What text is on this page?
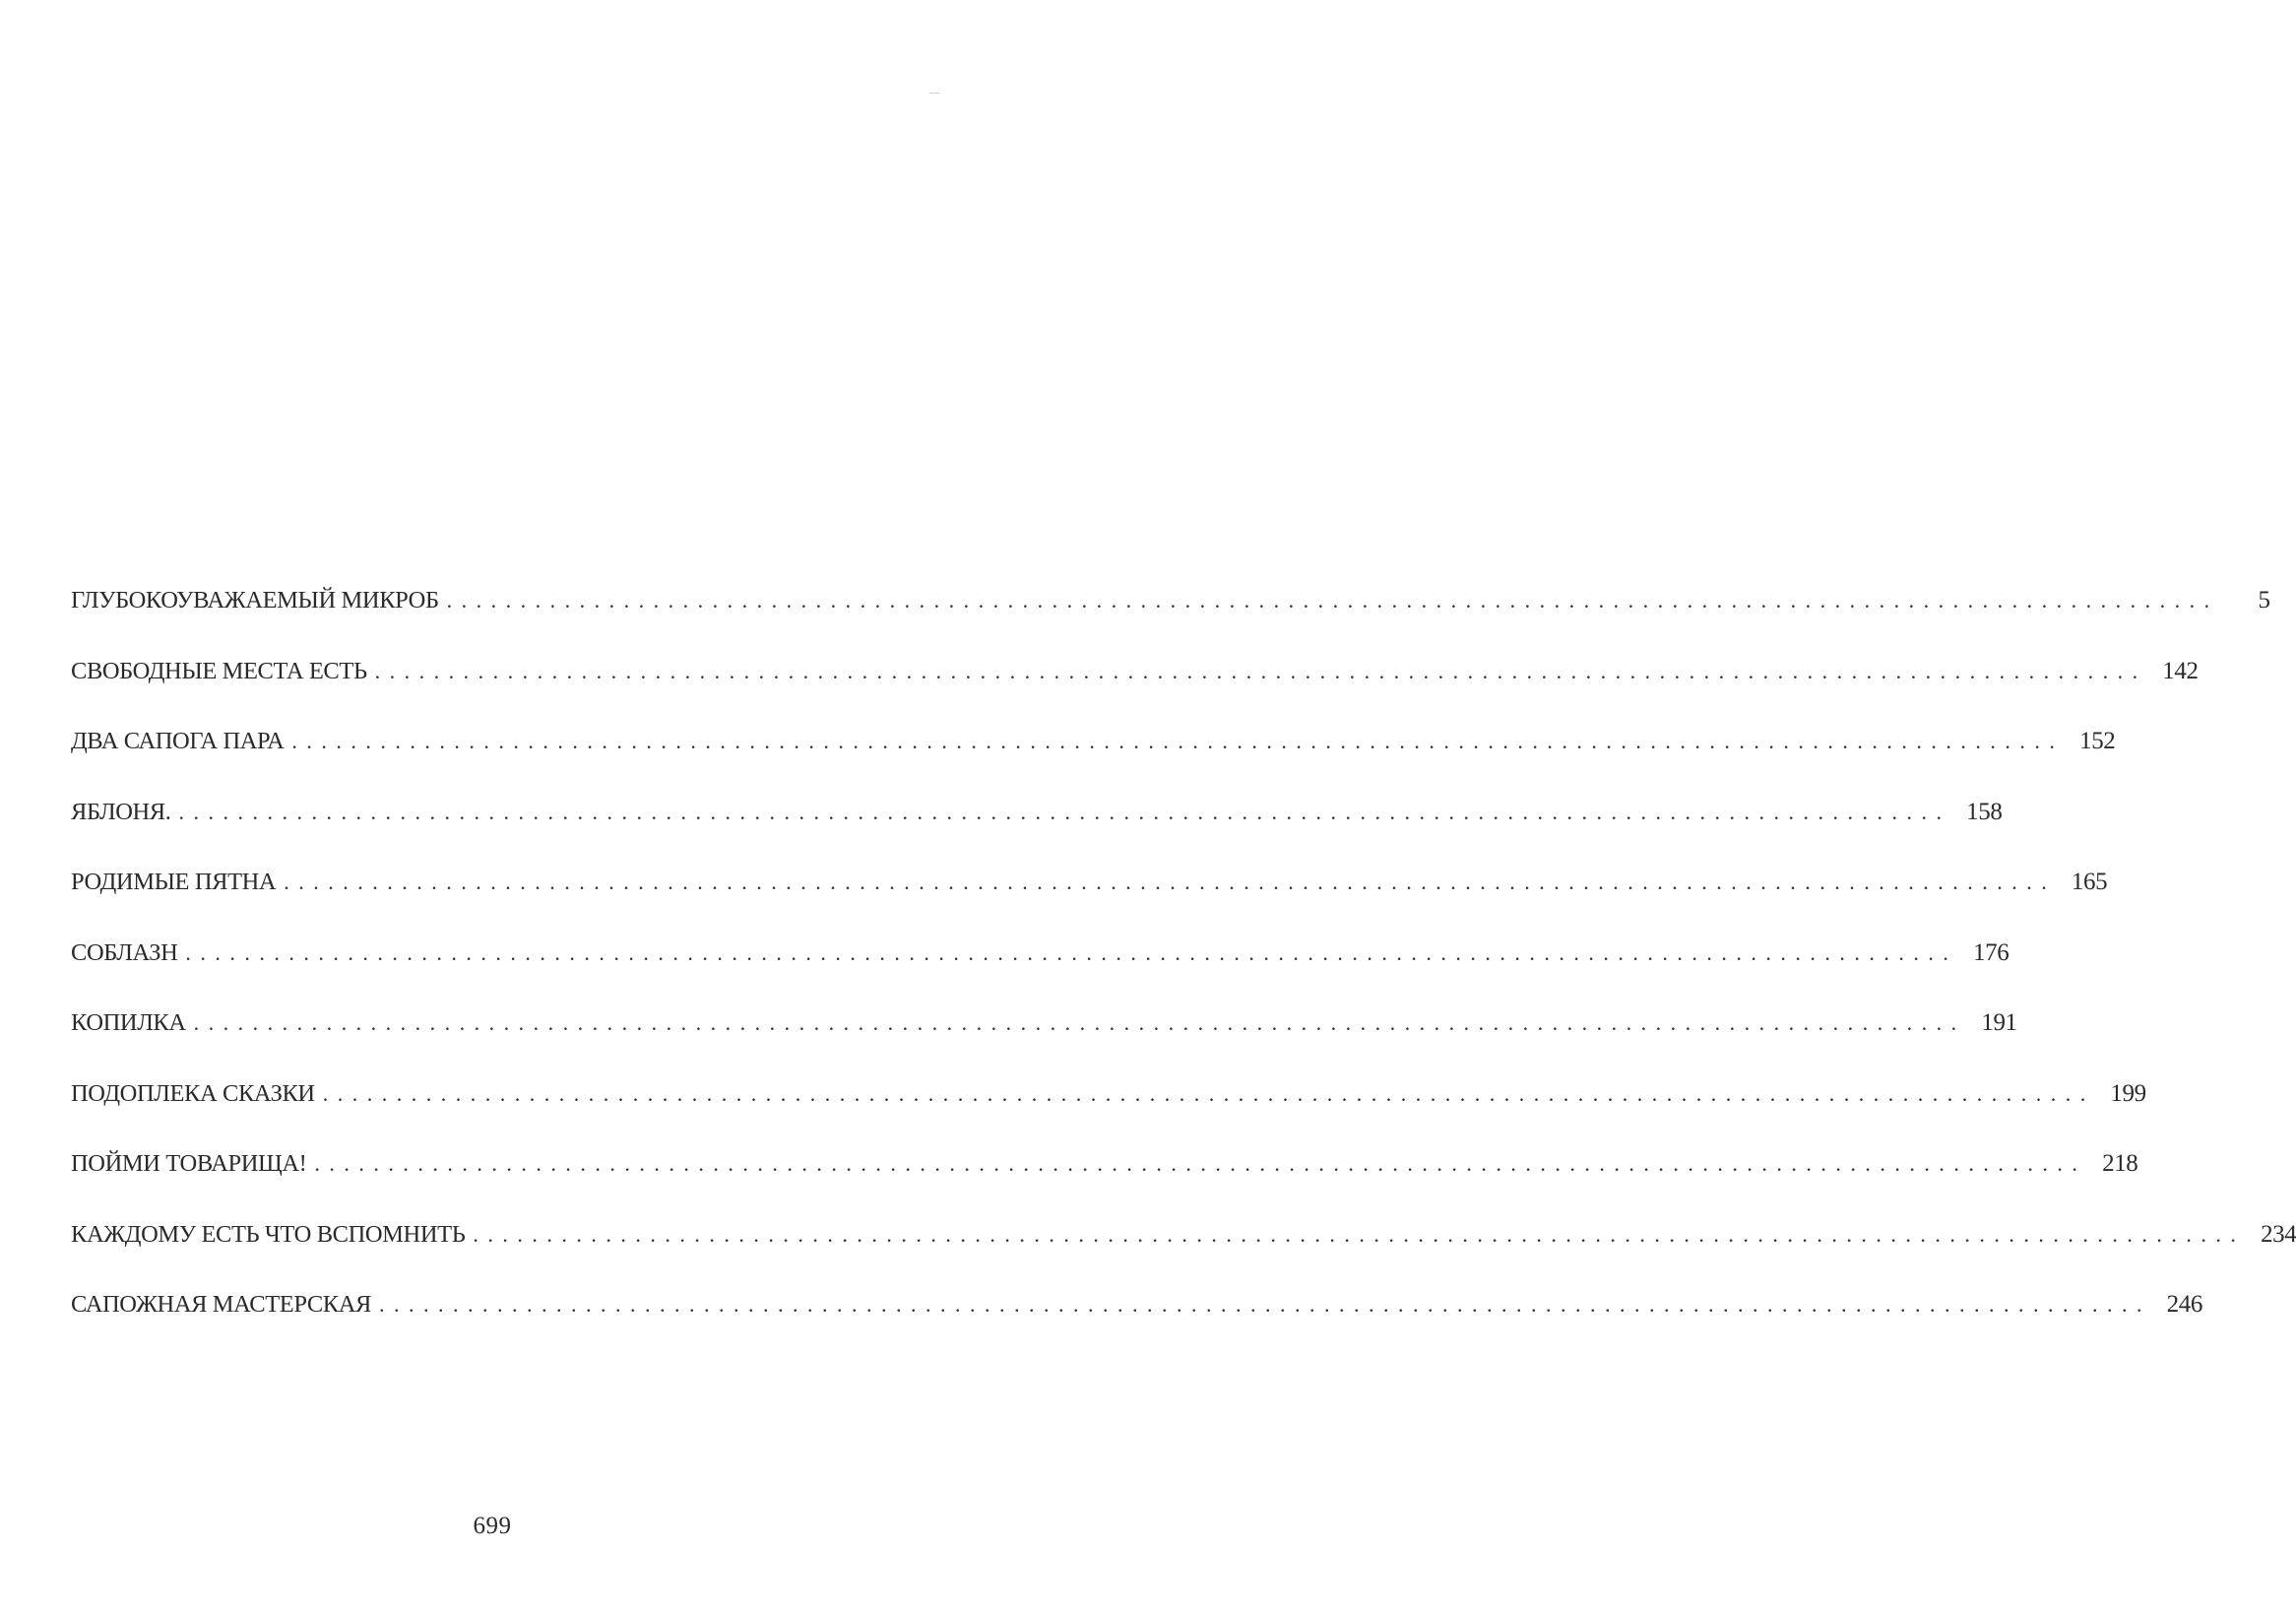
ГЛУБОКОУВАЖАЕМЫЙ МИКРОБ ........................................................................................................................	5
СВОБОДНЫЕ МЕСТА ЕСТЬ ........................................................................................................................ 142
ДВА САПОГА ПАРА ........................................................................................................................ 152
ЯБЛОНЯ. ........................................................................................................................ 158
РОДИМЫЕ ПЯТНА ........................................................................................................................ 165
СОБЛАЗН ........................................................................................................................ 176
КОПИЛКА ........................................................................................................................ 191
ПОДОПЛЕКА СКАЗКИ ........................................................................................................................ 199
ПОЙМИ ТОВАРИЩА! ........................................................................................................................ 218
КАЖДОМУ ЕСТЬ ЧТО ВСПОМНИТЬ ........................................................................................................................ 234
САПОЖНАЯ МАСТЕРСКАЯ ........................................................................................................................ 246
699
